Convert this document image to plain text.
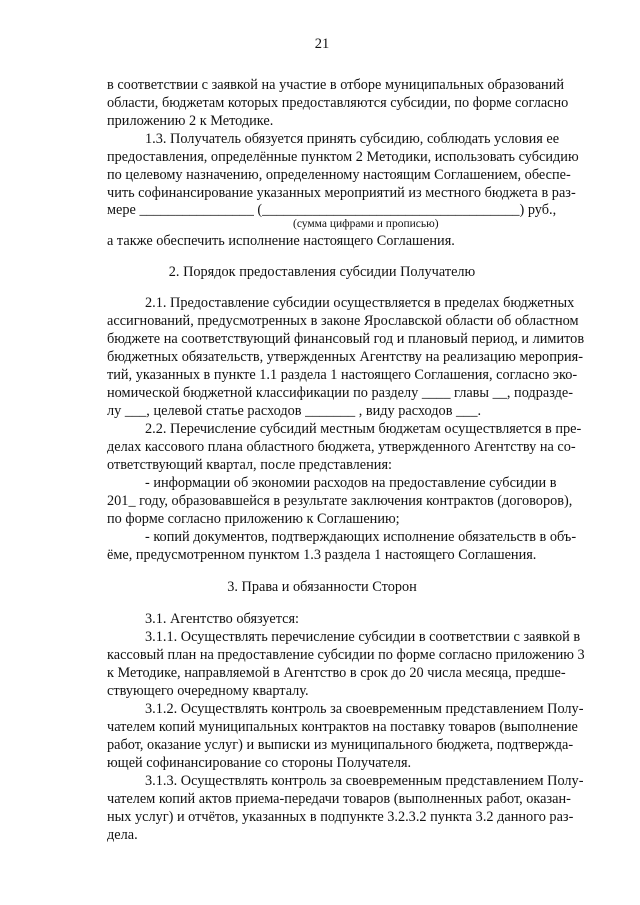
21
в соответствии с заявкой на участие в отборе муниципальных образований
области, бюджетам которых предоставляются субсидии, по форме согласно
приложению 2 к Методике.
1.3. Получатель обязуется принять субсидию, соблюдать условия ее
предоставления, определённые пунктом 2 Методики, использовать субсидию
по целевому назначению, определенному настоящим Соглашением, обеспе-
чить софинансирование указанных мероприятий из местного бюджета в раз-
мере ________________ (____________________________________) руб.,
(сумма цифрами и прописью)
а также обеспечить исполнение настоящего Соглашения.
2. Порядок предоставления субсидии Получателю
2.1. Предоставление субсидии осуществляется в пределах бюджетных
ассигнований, предусмотренных в законе Ярославской области об областном
бюджете на соответствующий финансовый год и плановый период, и лимитов
бюджетных обязательств, утвержденных Агентству на реализацию мероприя-
тий, указанных в пункте 1.1 раздела 1 настоящего Соглашения, согласно эко-
номической бюджетной классификации по разделу ____ главы __, подразде-
лу ___, целевой статье расходов _______ , виду расходов ___.
2.2. Перечисление субсидий местным бюджетам осуществляется в пре-
делах кассового плана областного бюджета, утвержденного Агентству на со-
ответствующий квартал, после представления:
- информации об экономии расходов на предоставление субсидии в
201_ году, образовавшейся в результате заключения контрактов (договоров),
по форме согласно приложению к Соглашению;
- копий документов, подтверждающих исполнение обязательств в объ-
ёме, предусмотренном пунктом 1.3 раздела 1 настоящего Соглашения.
3. Права и обязанности Сторон
3.1. Агентство обязуется:
3.1.1. Осуществлять перечисление субсидии в соответствии с заявкой в
кассовый план на предоставление субсидии по форме согласно приложению 3
к Методике, направляемой в Агентство в срок до 20 числа месяца, предше-
ствующего очередному кварталу.
3.1.2. Осуществлять контроль за своевременным представлением Полу-
чателем копий муниципальных контрактов на поставку товаров (выполнение
работ, оказание услуг) и выписки из муниципального бюджета, подтвержда-
ющей софинансирование со стороны Получателя.
3.1.3. Осуществлять контроль за своевременным представлением Полу-
чателем копий актов приема-передачи товаров (выполненных работ, оказан-
ных услуг) и отчётов, указанных в подпункте 3.2.3.2 пункта 3.2 данного раз-
дела.
